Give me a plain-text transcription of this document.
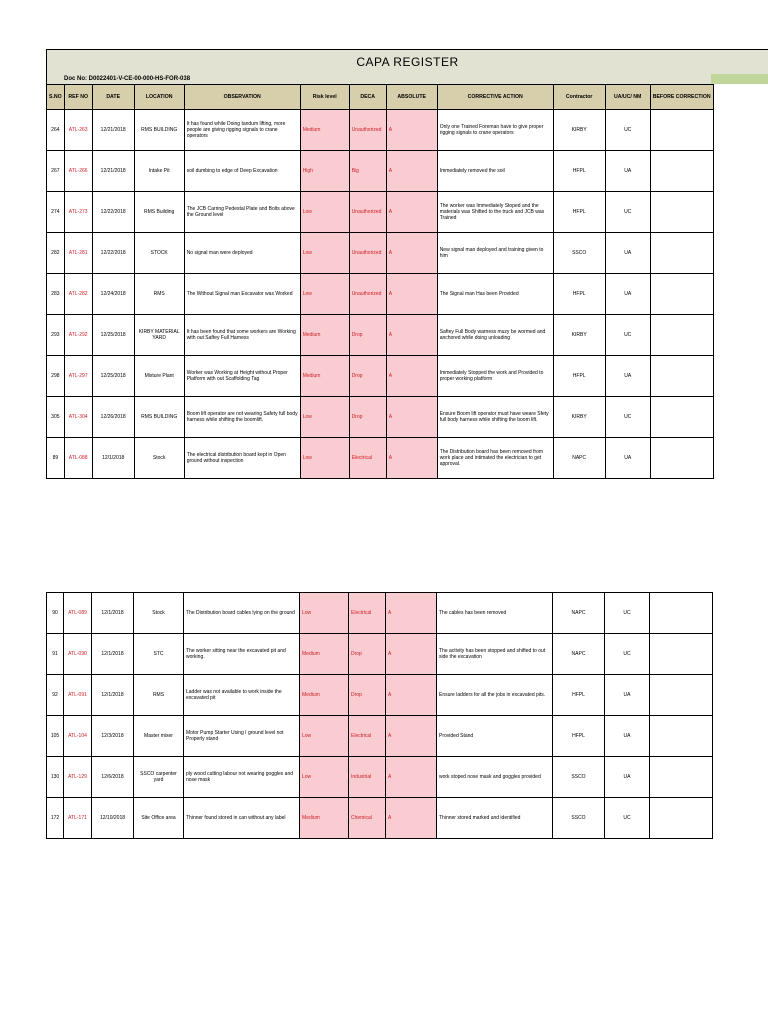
CAPA REGISTER
Doc No: D0022401-V-CE-00-000-HS-FOR-038
S.NO	REF NO	DATE	LOCATION	OBSERVATION	Risk level	DECA	ABSOLUTE	CORRECTIVE ACTION	Contractor	UA/UC/ NM	BEFORE CORRECTION
264	ATL-263	12/21/2018	RMS BUILDING	It has found while Doing tandum lifting, more people are giving rigging signals to crane operators	Medium	Unauthorized	A	Only one Trained Foreman have to give proper rigging signals to crane operators	KIRBY	UC	
267	ATL-266	12/21/2018	Intake Pit	soil dumbing to edge of Deep Excavation	High	Big	A	Immediately removed the soil	HFPL	UA	
274	ATL-273	12/22/2018	RMS Building	The JCB Carring Pedestal Plate and Bolts above the Ground level	Low	Unauthorized	A	The worker was Immediately Stoped and the materials was Shifted to the truck and JCB was Trained	HFPL	UC	
282	ATL-281	12/22/2018	STOCK	No signal man were deployed	Low	Unauthorized	A	New signal man deployed and training given to him	SSCO	UA	
283	ATL-282	12/24/2018	RMS	The Without Signal man Excavator was Worked	Low	Unauthorized	A	The Signal man Has been Provided	HFPL	UA	
293	ATL-292	12/25/2018	KIRBY MATERIAL YARD	It has been found that some workers are Working with out Saftey Full Harness	Medium	Drop	A	Saftey Full Body warness muzy be wormed and anchored while doing unloading	KIRBY	UC	
298	ATL-297	12/25/2018	Mixture Plant	Worker was Working at Height without Proper Platform with out Scaffolding Tag	Medium	Drop	A	Immediately Stopped the work and Provided to proper working platform	HFPL	UA	
305	ATL-304	12/26/2018	RMS BUILDING	Boom lift operator are not wearing Safety full body harness while shifting the boomlift.	Low	Drop	A	Ensure Boom lift operator must have weare Sfety full body harness while shifting the boom lift.	KIRBY	UC	
89	ATL-088	12/1/2018	Stock	The electrical distribution board kept in Open ground without inspection	Low	Electrical	A	The Distribution board has been removed from work place and intimated the electrician to get approval.	NAPC	UA	
90	ATL-089	12/1/2018	Stock	The Distribution board cables lying on the ground	Low	Electrical	A	The cables has been removed	NAPC	UC	
91	ATL-090	12/1/2018	STC	The worker sitting near the excavated pit and working.	Medium	Drop	A	The activity has been stopped and shifted to out side the excavation	NAPC	UC	
92	ATL-091	12/1/2018	RMS	Ladder was not available to work inside the excavated pit	Medium	Drop	A	Ensure ladders for all the jobs in excavated pits.	HFPL	UA	
105	ATL-104	12/3/2018	Master mixer	Motor Pump Starter Using I ground level not Properly stand	Low	Electrical	A	Provided Stand	HFPL	UA	
130	ATL-129	12/6/2018	SSCO carpenter yard	ply wood cutting labour not wearing goggles and nose mask	Low	Industrial	A	work stoped nose mask and goggles provided	SSCO	UA	
172	ATL-171	12/10/2018	Site Office area	Thinner found stored in can without any label	Medium	Chemical	A	Thinner stored marked and identified	SSCO	UC	
